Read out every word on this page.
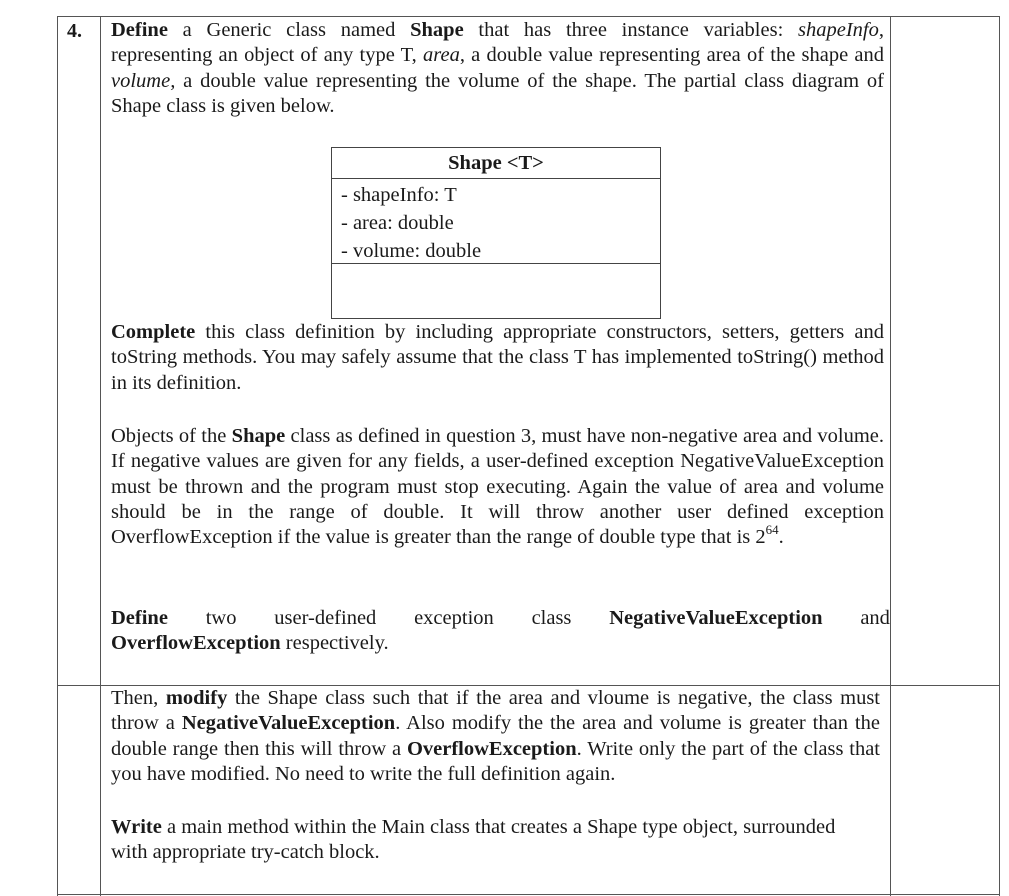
4. Define a Generic class named Shape that has three instance variables: shapeInfo, representing an object of any type T, area, a double value representing area of the shape and volume, a double value representing the volume of the shape. The partial class diagram of Shape class is given below.
Shape <T>
- shapeInfo: T
- area: double
- volume: double
Complete this class definition by including appropriate constructors, setters, getters and toString methods. You may safely assume that the class T has implemented toString() method in its definition.
Objects of the Shape class as defined in question 3, must have non-negative area and volume. If negative values are given for any fields, a user-defined exception NegativeValueException must be thrown and the program must stop executing. Again the value of area and volume should be in the range of double. It will throw another user defined exception OverflowException if the value is greater than the range of double type that is $2^{64}$.
Define two user-defined exception class NegativeValueException and
OverflowException respectively.
Then, modify the Shape class such that if the area and vloume is negative, the class must throw a NegativeValueException. Also modify the the area and volume is greater than the double range then this will throw a OverflowException. Write only the part of the class that you have modified. No need to write the full definition again.
Write a main method within the Main class that creates a Shape type object, surrounded
with appropriate try-catch block.
